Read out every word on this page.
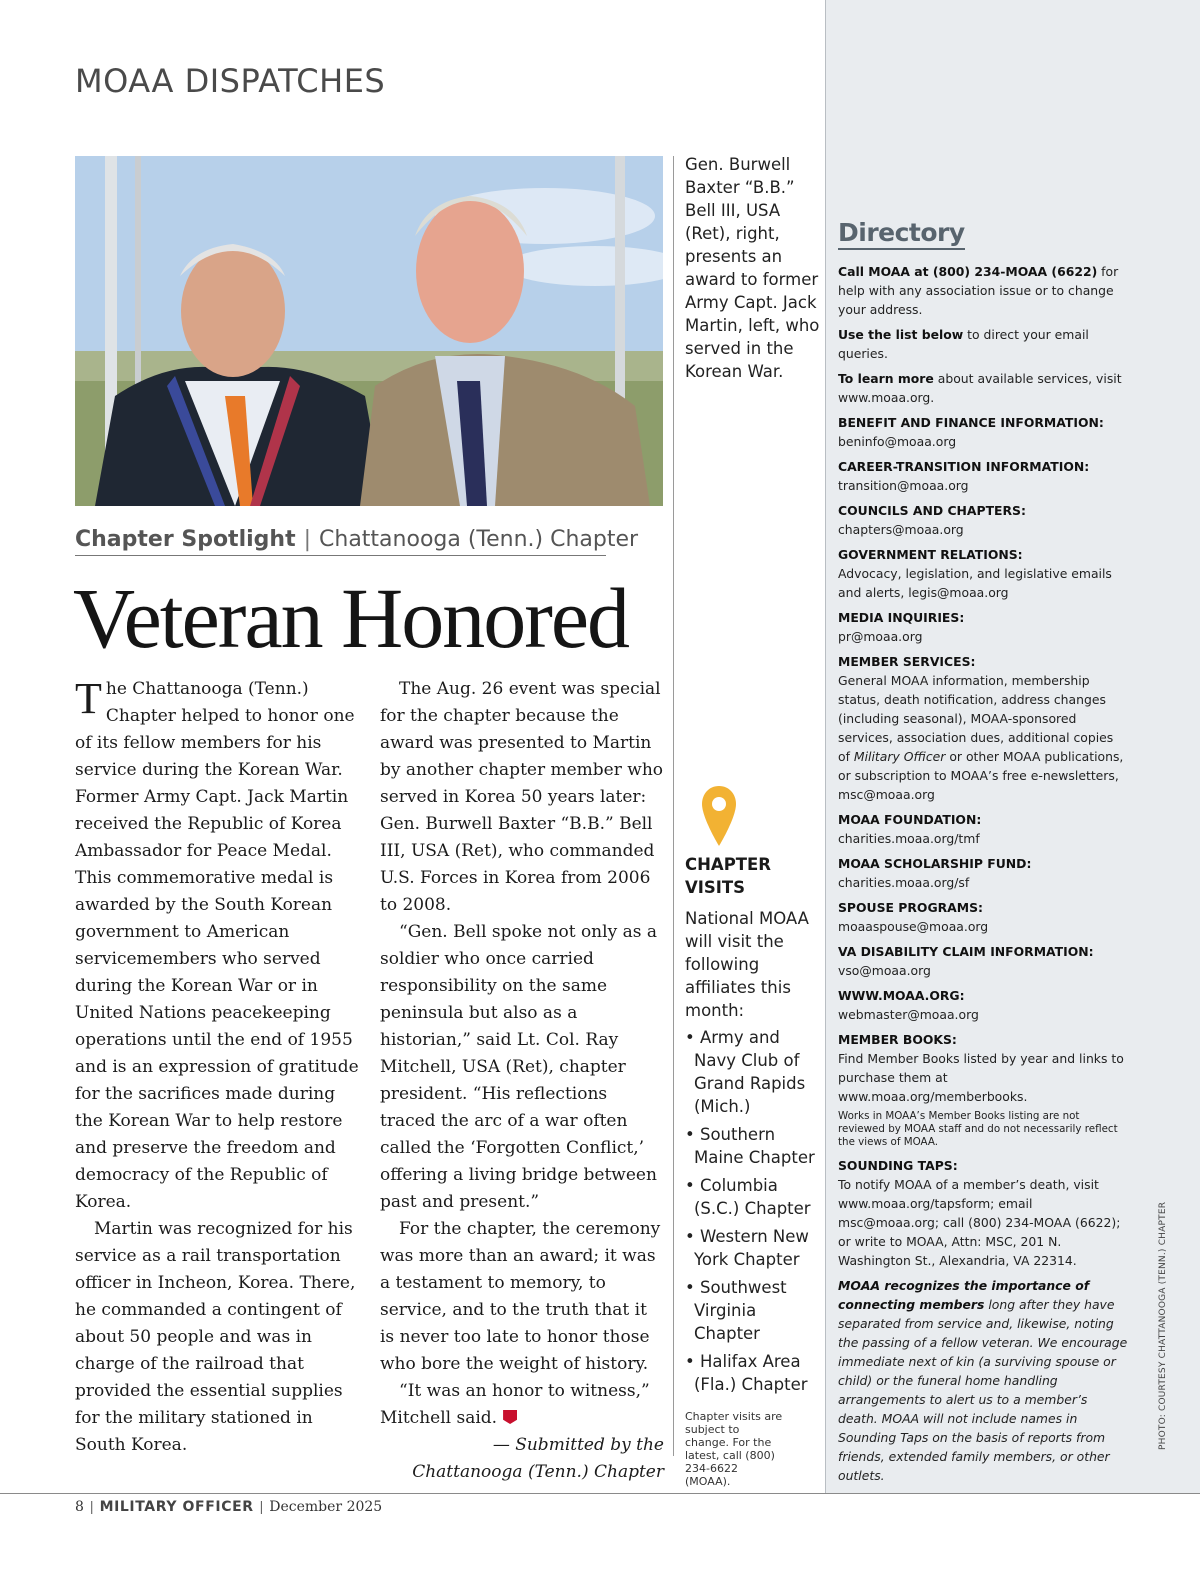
MOAA DISPATCHES
Gen. Burwell Baxter “B.B.” Bell III, USA (Ret), right, presents an award to former Army Capt. Jack Martin, left, who served in the Korean War.
Chapter Spotlight | Chattanooga (Tenn.) Chapter
Veteran Honored

The Chattanooga (Tenn.) Chapter helped to honor one of its fellow members for his service during the Korean War. Former Army Capt. Jack Martin received the Republic of Korea Ambassador for Peace Medal. This commemorative medal is awarded by the South Korean government to American servicemembers who served during the Korean War or in United Nations peacekeeping operations until the end of 1955 and is an expression of gratitude for the sacrifices made during the Korean War to help restore and preserve the freedom and democracy of the Republic of Korea.

Martin was recognized for his service as a rail transportation officer in Incheon, Korea. There, he commanded a contingent of about 50 people and was in charge of the railroad that provided the essential supplies for the military stationed in South Korea.

The Aug. 26 event was special for the chapter because the award was presented to Martin by another chapter member who served in Korea 50 years later: Gen. Burwell Baxter “B.B.” Bell III, USA (Ret), who commanded U.S. Forces in Korea from 2006 to 2008.

“Gen. Bell spoke not only as a soldier who once carried responsibility on the same peninsula but also as a historian,” said Lt. Col. Ray Mitchell, USA (Ret), chapter president. “His reflections traced the arc of a war often called the ‘Forgotten Conflict,’ offering a living bridge between past and present.”

For the chapter, the ceremony was more than an award; it was a testament to memory, to service, and to the truth that it is never too late to honor those who bore the weight of history.

“It was an honor to witness,” Mitchell said.

— Submitted by the Chattanooga (Tenn.) Chapter

CHAPTER VISITS
National MOAA will visit the following affiliates this month:
• Army and Navy Club of Grand Rapids (Mich.)
• Southern Maine Chapter
• Columbia (S.C.) Chapter
• Western New York Chapter
• Southwest Virginia Chapter
• Halifax Area (Fla.) Chapter
Chapter visits are subject to change. For the latest, call (800) 234-6622 (MOAA).
Directory

Call MOAA at (800) 234-MOAA (6622) for help with any association issue or to change your address.

Use the list below to direct your email queries.

To learn more about available services, visit www.moaa.org.

BENEFIT AND FINANCE INFORMATION:
beninfo@moaa.org
CAREER-TRANSITION INFORMATION:
transition@moaa.org
COUNCILS AND CHAPTERS:
chapters@moaa.org
GOVERNMENT RELATIONS:
Advocacy, legislation, and legislative emails and alerts, legis@moaa.org
MEDIA INQUIRIES:
pr@moaa.org
MEMBER SERVICES:
General MOAA information, membership status, death notification, address changes (including seasonal), MOAA-sponsored services, association dues, additional copies of Military Officer or other MOAA publications, or subscription to MOAA’s free e-newsletters, msc@moaa.org
MOAA FOUNDATION:
charities.moaa.org/tmf
MOAA SCHOLARSHIP FUND:
charities.moaa.org/sf
SPOUSE PROGRAMS:
moaaspouse@moaa.org
VA DISABILITY CLAIM INFORMATION:
vso@moaa.org
WWW.MOAA.ORG:
webmaster@moaa.org
MEMBER BOOKS:
Find Member Books listed by year and links to purchase them at www.moaa.org/memberbooks.
Works in MOAA’s Member Books listing are not reviewed by MOAA staff and do not necessarily reflect the views of MOAA.
SOUNDING TAPS:
To notify MOAA of a member’s death, visit www.moaa.org/tapsform; email msc@moaa.org; call (800) 234-MOAA (6622); or write to MOAA, Attn: MSC, 201 N. Washington St., Alexandria, VA 22314.

MOAA recognizes the importance of connecting members long after they have separated from service and, likewise, noting the passing of a fellow veteran. We encourage immediate next of kin (a surviving spouse or child) or the funeral home handling arrangements to alert us to a member’s death. MOAA will not include names in Sounding Taps on the basis of reports from friends, extended family members, or other outlets.

PHOTO: COURTESY CHATTANOOGA (TENN.) CHAPTER
8 | MILITARY OFFICER | December 2025
